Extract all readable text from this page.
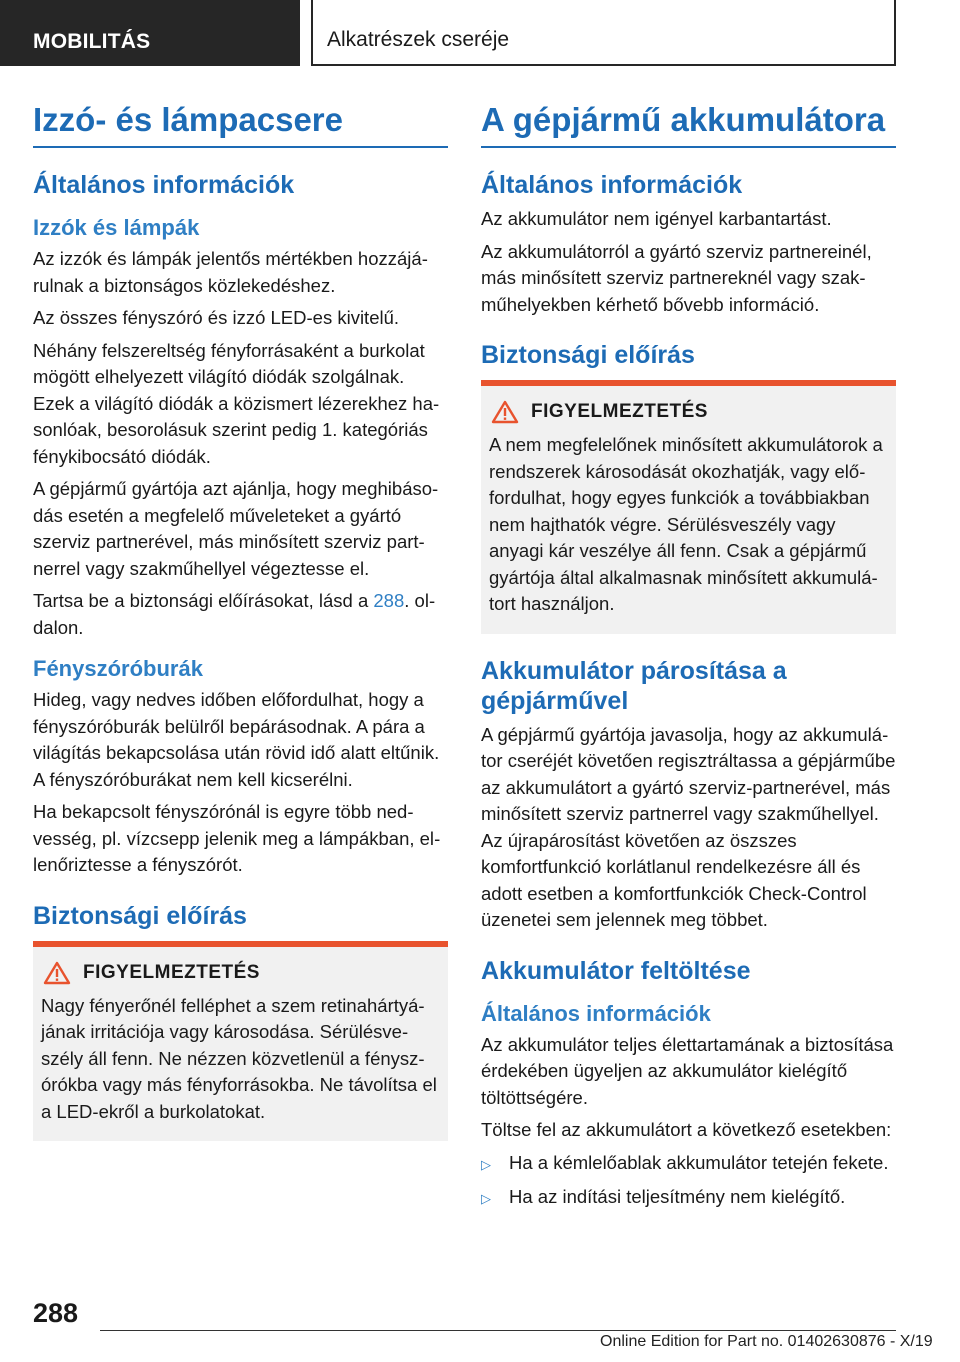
MOBILITÁS	Alkatrészek cseréje
Izzó- és lámpacsere
Általános információk
Izzók és lámpák

Az izzók és lámpák jelentős mértékben hozzájárulnak a biztonságos közlekedéshez.

Az összes fényszóró és izzó LED-es kivitelű.

Néhány felszereltség fényforrásaként a burkolat mögött elhelyezett világító diódák szolgálnak. Ezek a világító diódák a közismert lézerekhez hasonlóak, besorolásuk szerint pedig 1. kategóriás fénykibocsátó diódák.

A gépjármű gyártója azt ajánlja, hogy meghibásodás esetén a megfelelő műveleteket a gyártó szerviz partnerével, más minősített szerviz partnerrel vagy szakműhellyel végeztesse el.

Tartsa be a biztonsági előírásokat, lásd a 288. oldalon.

Fényszóróburák

Hideg, vagy nedves időben előfordulhat, hogy a fényszóróburák belülről bepárásodnak. A pára a világítás bekapcsolása után rövid idő alatt eltűnik. A fényszóróburákat nem kell kicserélni.

Ha bekapcsolt fényszórónál is egyre több nedvesség, pl. vízcsepp jelenik meg a lámpákban, ellenőriztesse a fényszórót.

Biztonsági előírás
FIGYELMEZTETÉS

Nagy fényerőnél felléphet a szem retinahártyájának irritációja vagy károsodása. Sérülésveszély áll fenn. Ne nézzen közvetlenül a fényszórókba vagy más fényforrásokba. Ne távolítsa el a LED-ekről a burkolatokat.

A gépjármű akkumulátora
Általános információk

Az akkumulátor nem igényel karbantartást.

Az akkumulátorról a gyártó szerviz partnereinél, más minősített szerviz partnereknél vagy szakműhelyekben kérhető bővebb információ.

Biztonsági előírás
FIGYELMEZTETÉS

A nem megfelelőnek minősített akkumulátorok a rendszerek károsodását okozhatják, vagy előfordulhat, hogy egyes funkciók a továbbiakban nem hajthatók végre. Sérülésveszély vagy anyagi kár veszélye áll fenn. Csak a gépjármű gyártója által alkalmasnak minősített akkumulátort használjon.

Akkumulátor párosítása a gépjárművel

A gépjármű gyártója javasolja, hogy az akkumulátor cseréjét követően regisztráltassa a gépjárműbe az akkumulátort a gyártó szerviz-partnerével, más minősített szerviz partnerrel vagy szakműhellyel. Az újrapárosítást követően az öszszes komfortfunkció korlátlanul rendelkezésre áll és adott esetben a komfortfunkciók Check-Control üzenetei sem jelennek meg többet.

Akkumulátor feltöltése
Általános információk

Az akkumulátor teljes élettartamának a biztosítása érdekében ügyeljen az akkumulátor kielégítő töltöttségére.

Töltse fel az akkumulátort a következő esetekben:

▷ Ha a kémlelőablak akkumulátor tetején fekete.
▷ Ha az indítási teljesítmény nem kielégítő.
288
Online Edition for Part no. 01402630876 - X/19
